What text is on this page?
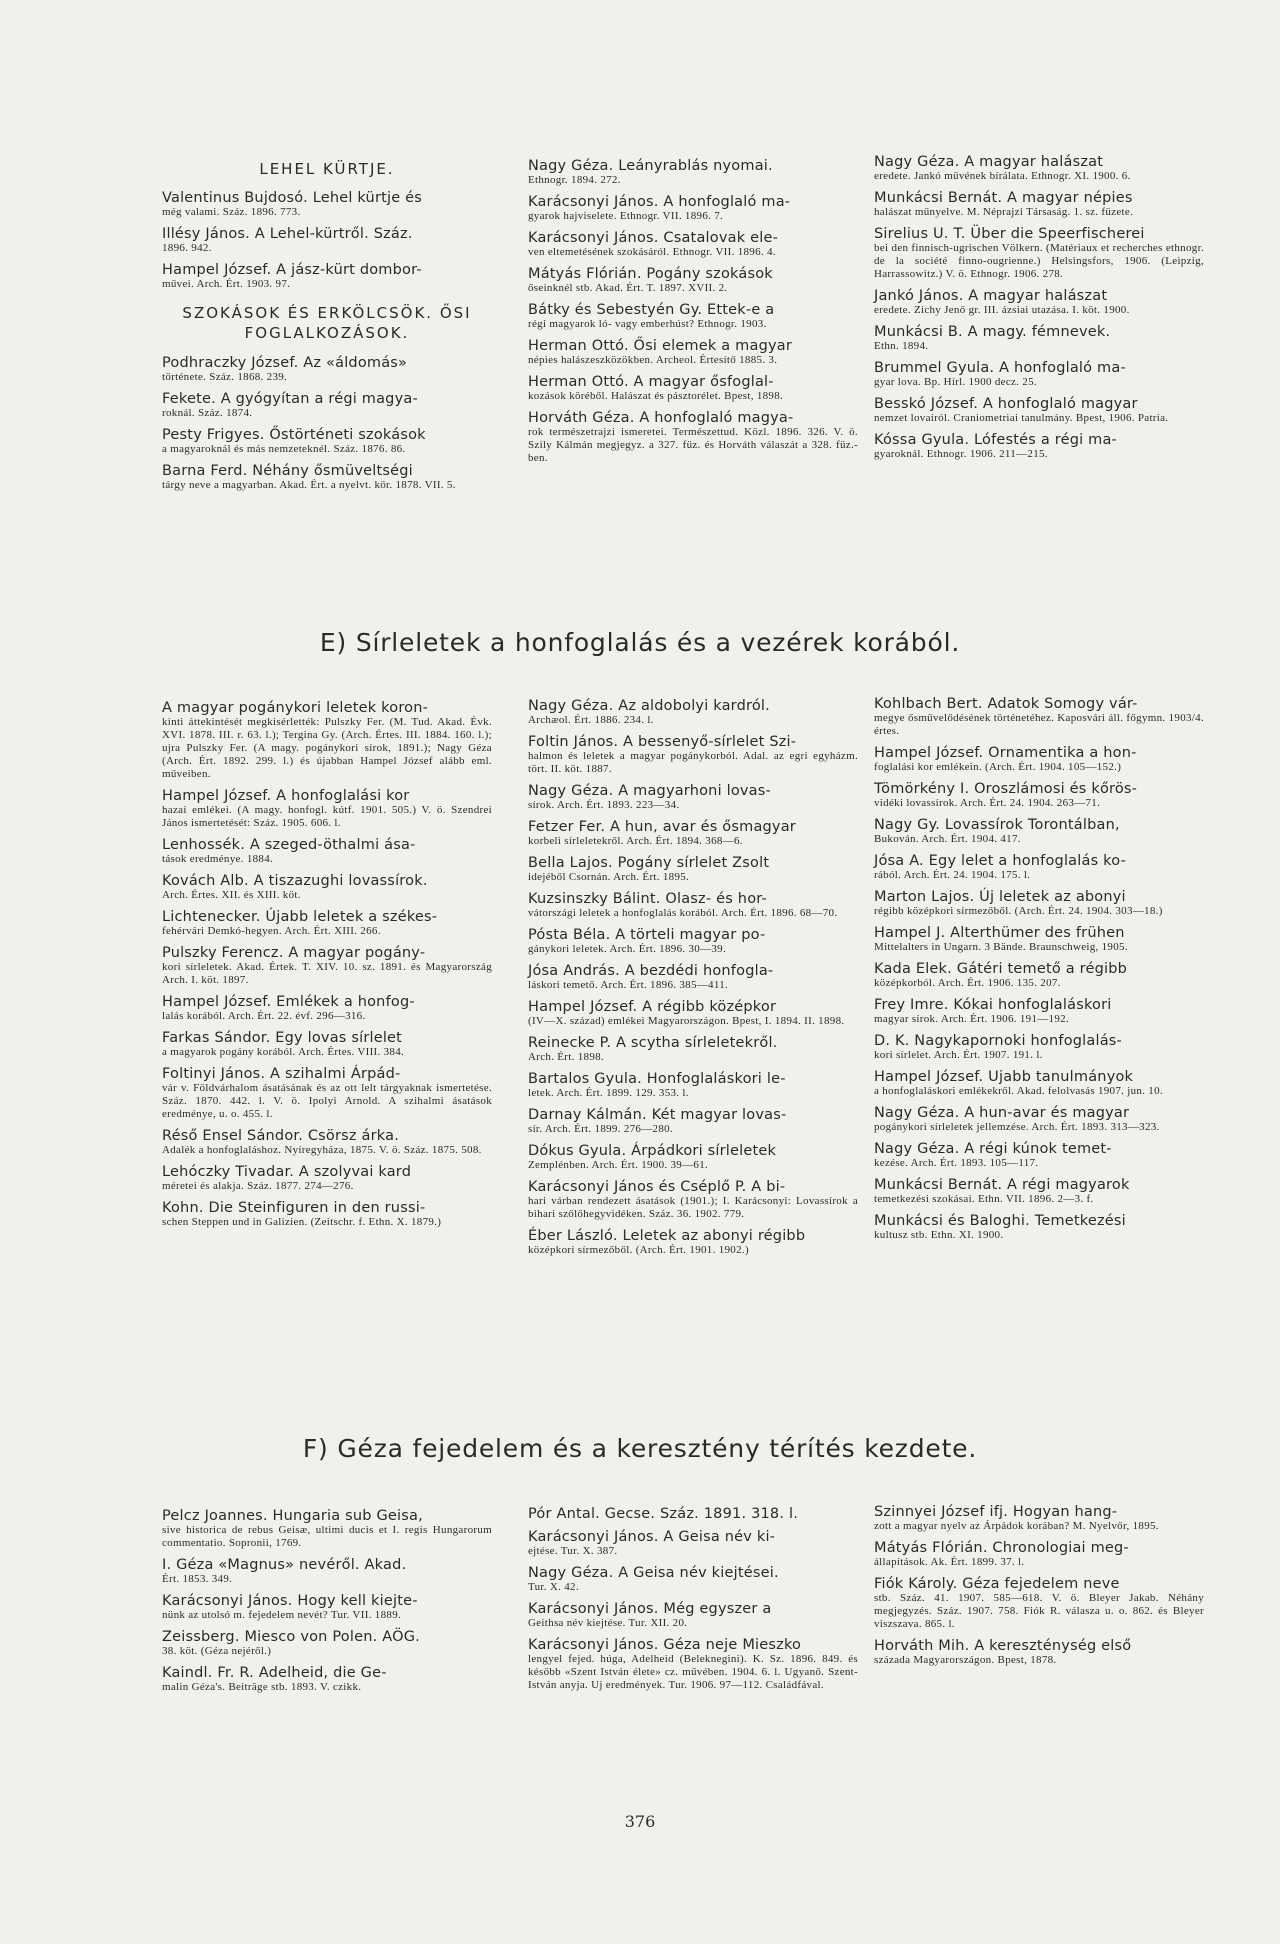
LEHEL KÜRTJE.
Valentinus Bujdosó. Lehel kürtje és
még valami. Száz. 1896. 773.
Illésy János. A Lehel-kürtről. Száz.
1896. 942.
Hampel József. A jász-kürt dombor-
művei. Arch. Ért. 1903. 97.
SZOKÁSOK ÉS ERKÖLCSÖK. ŐSI FOGLALKOZÁSOK.
Podhraczky József. Az «áldomás»
története. Száz. 1868. 239.
Fekete. A gyógyítan a régi magya-
roknál. Száz. 1874.
Pesty Frigyes. Őstörténeti szokások
a magyaroknál és más nemzeteknél. Száz. 1876. 86.
Barna Ferd. Néhány ősmüveltségi
tárgy neve a magyarban. Akad. Ért. a nyelvt. kör. 1878. VII. 5.
Nagy Géza. Leányrablás nyomai.
Ethnogr. 1894. 272.
Karácsonyi János. A honfoglaló ma-
gyarok hajviselete. Ethnogr. VII. 1896. 7.
Karácsonyi János. Csatalovak ele-
ven eltemetésének szokásáról. Ethnogr. VII. 1896. 4.
Mátyás Flórián. Pogány szokások
őseinknél stb. Akad. Ért. T. 1897. XVII. 2.
Bátky és Sebestyén Gy. Ettek-e a
régi magyarok ló- vagy emberhúst? Ethnogr. 1903.
Herman Ottó. Ősi elemek a magyar
népies halászeszközökben. Archeol. Értesítő 1885. 3.
Herman Ottó. A magyar ősfoglal-
kozások köréből. Halászat és pásztorélet. Bpest, 1898.
Horváth Géza. A honfoglaló magya-
rok természetrajzi ismeretei. Természettud. Közl. 1896. 326. V. ö. Szily Kálmán megjegyz. a 327. füz. és Horváth válaszát a 328. füz.-ben.
Nagy Géza. A magyar halászat
eredete. Jankó művének bírálata. Ethnogr. XI. 1900. 6.
Munkácsi Bernát. A magyar népies
halászat műnyelve. M. Néprajzi Társaság. 1. sz. füzete.
Sirelius U. T. Über die Speerfischerei
bei den finnisch-ugrischen Völkern. (Matériaux et recherches ethnogr. de la société finno-ougrienne.) Helsingsfors, 1906. (Leipzig, Harrassowitz.) V. ö. Ethnogr. 1906. 278.
Jankó János. A magyar halászat
eredete. Zichy Jenő gr. III. ázsiai utazása. I. köt. 1900.
Munkácsi B. A magy. fémnevek.
Ethn. 1894.
Brummel Gyula. A honfoglaló ma-
gyar lova. Bp. Hírl. 1900 decz. 25.
Besskó József. A honfoglaló magyar
nemzet lovairól. Craniometriai tanulmány. Bpest, 1906. Patria.
Kóssa Gyula. Lófestés a régi ma-
gyaroknál. Ethnogr. 1906. 211—215.
E) Sírleletek a honfoglalás és a vezérek korából.
A magyar pogánykori leletek koron-
kinti áttekintését megkisérlették: Pulszky Fer. (M. Tud. Akad. Évk. XVI. 1878. III. r. 63. l.); Tergina Gy. (Arch. Értes. III. 1884. 160. l.); ujra Pulszky Fer. (A magy. pogánykori sírok, 1891.); Nagy Géza (Arch. Ért. 1892. 299. l.) és újabban Hampel József alább eml. műveiben.
Hampel József. A honfoglalási kor
hazai emlékei. (A magy. honfogl. kútf. 1901. 505.) V. ö. Szendrei János ismertetését: Száz. 1905. 606. l.
Lenhossék. A szeged-öthalmi ása-
tások eredménye. 1884.
Kovách Alb. A tiszazughi lovassírok.
Arch. Értes. XII. és XIII. köt.
Lichtenecker. Újabb leletek a székes-
fehérvári Demkó-hegyen. Arch. Ért. XIII. 266.
Pulszky Ferencz. A magyar pogány-
kori sírleletek. Akad. Értek. T. XIV. 10. sz. 1891. és Magyarország Arch. I. köt. 1897.
Hampel József. Emlékek a honfog-
lalás korából. Arch. Ért. 22. évf. 296—316.
Farkas Sándor. Egy lovas sírlelet
a magyarok pogány korából. Arch. Értes. VIII. 384.
Foltinyi János. A szihalmi Árpád-
vár v. Földvárhalom ásatásának és az ott lelt tárgyaknak ismertetése. Száz. 1870. 442. l. V. ö. Ipolyi Arnold. A szihalmi ásatások eredménye, u. o. 455. l.
Réső Ensel Sándor. Csörsz árka.
Adalék a honfoglaláshoz. Nyíregyháza, 1875. V. ö. Száz. 1875. 508.
Lehóczky Tivadar. A szolyvai kard
méretei és alakja. Száz. 1877. 274—276.
Kohn. Die Steinfiguren in den russi-
schen Steppen und in Galizien. (Zeitschr. f. Ethn. X. 1879.)
Nagy Géza. Az aldobolyi kardról.
Archæol. Ért. 1886. 234. l.
Foltin János. A bessenyő-sírlelet Szi-
halmon és leletek a magyar pogánykorból. Adal. az egri egyházm. tört. II. köt. 1887.
Nagy Géza. A magyarhoni lovas-
sírok. Arch. Ért. 1893. 223—34.
Fetzer Fer. A hun, avar és ősmagyar
korbeli sírleletekről. Arch. Ért. 1894. 368—6.
Bella Lajos. Pogány sírlelet Zsolt
idejéből Csornán. Arch. Ért. 1895.
Kuzsinszky Bálint. Olasz- és hor-
vátországi leletek a honfoglalás korából. Arch. Ért. 1896. 68—70.
Pósta Béla. A törteli magyar po-
gánykori leletek. Arch. Ért. 1896. 30—39.
Jósa András. A bezdédi honfogla-
láskori temető. Arch. Ért. 1896. 385—411.
Hampel József. A régibb középkor
(IV—X. század) emlékei Magyarországon. Bpest, I. 1894. II. 1898.
Reinecke P. A scytha sírleletekről.
Arch. Ért. 1898.
Bartalos Gyula. Honfoglaláskori le-
letek. Arch. Ért. 1899. 129. 353. l.
Darnay Kálmán. Két magyar lovas-
sír. Arch. Ért. 1899. 276—280.
Dókus Gyula. Árpádkori sírleletek
Zemplénben. Arch. Ért. 1900. 39—61.
Karácsonyi János és Cséplő P. A bi-
hari várban rendezett ásatások (1901.); I. Karácsonyi: Lovassírok a bihari szőlőhegyvidéken. Száz. 36. 1902. 779.
Éber László. Leletek az abonyi régibb
középkori sírmezőből. (Arch. Ért. 1901. 1902.)
Kohlbach Bert. Adatok Somogy vár-
megye ősművelődésének történetéhez. Kaposvári áll. főgymn. 1903/4. értes.
Hampel József. Ornamentika a hon-
foglalási kor emlékein. (Arch. Ért. 1904. 105—152.)
Tömörkény I. Oroszlámosi és kőrös-
vidéki lovassírok. Arch. Ért. 24. 1904. 263—71.
Nagy Gy. Lovassírok Torontálban,
Bukován. Arch. Ért. 1904. 417.
Jósa A. Egy lelet a honfoglalás ko-
rából. Arch. Ért. 24. 1904. 175. l.
Marton Lajos. Új leletek az abonyi
régibb középkori sírmezőből. (Arch. Ért. 24. 1904. 303—18.)
Hampel J. Alterthümer des frühen
Mittelalters in Ungarn. 3 Bände. Braunschweig, 1905.
Kada Elek. Gátéri temető a régibb
középkorból. Arch. Ért. 1906. 135. 207.
Frey Imre. Kókai honfoglaláskori
magyar sírok. Arch. Ért. 1906. 191—192.
D. K. Nagykapornoki honfoglalás-
kori sírlelet. Arch. Ért. 1907. 191. l.
Hampel József. Ujabb tanulmányok
a honfoglaláskori emlékekről. Akad. felolvasás 1907. jun. 10.
Nagy Géza. A hun-avar és magyar
pogánykori sírleletek jellemzése. Arch. Ért. 1893. 313—323.
Nagy Géza. A régi kúnok temet-
kezése. Arch. Ért. 1893. 105—117.
Munkácsi Bernát. A régi magyarok
temetkezési szokásai. Ethn. VII. 1896. 2—3. f.
Munkácsi és Baloghi. Temetkezési
kultusz stb. Ethn. XI. 1900.
F) Géza fejedelem és a keresztény térítés kezdete.
Pelcz Joannes. Hungaria sub Geisa,
sive historica de rebus Geisæ, ultimi ducis et I. regis Hungarorum commentatio. Sopronii, 1769.
I. Géza «Magnus» nevéről. Akad.
Ért. 1853. 349.
Karácsonyi János. Hogy kell kiejte-
nünk az utolsó m. fejedelem nevét? Tur. VII. 1889.
Zeissberg. Miesco von Polen. AÖG.
38. köt. (Géza nejéről.)
Kaindl. Fr. R. Adelheid, die Ge-
malin Géza's. Beiträge stb. 1893. V. czikk.
Pór Antal. Gecse. Száz. 1891. 318. l.
Karácsonyi János. A Geisa név ki-
ejtése. Tur. X. 387.
Nagy Géza. A Geisa név kiejtései.
Tur. X. 42.
Karácsonyi János. Még egyszer a
Geithsa név kiejtése. Tur. XII. 20.
Karácsonyi János. Géza neje Mieszko
lengyel fejed. húga, Adelheid (Beleknegini). K. Sz. 1896. 849. és később «Szent István élete» cz. művében. 1904. 6. l. Ugyanő. Szent-István anyja. Uj eredmények. Tur. 1906. 97—112. Családfával.
Szinnyei József ifj. Hogyan hang-
zott a magyar nyelv az Árpádok korában? M. Nyelvőr, 1895.
Mátyás Flórián. Chronologiai meg-
állapítások. Ak. Ért. 1899. 37. l.
Fiók Károly. Géza fejedelem neve
stb. Száz. 41. 1907. 585—618. V. ö. Bleyer Jakab. Néhány megjegyzés. Száz. 1907. 758. Fiók R. válasza u. o. 862. és Bleyer viszszava. 865. l.
Horváth Mih. A kereszténység első
százada Magyarországon. Bpest, 1878.
376
